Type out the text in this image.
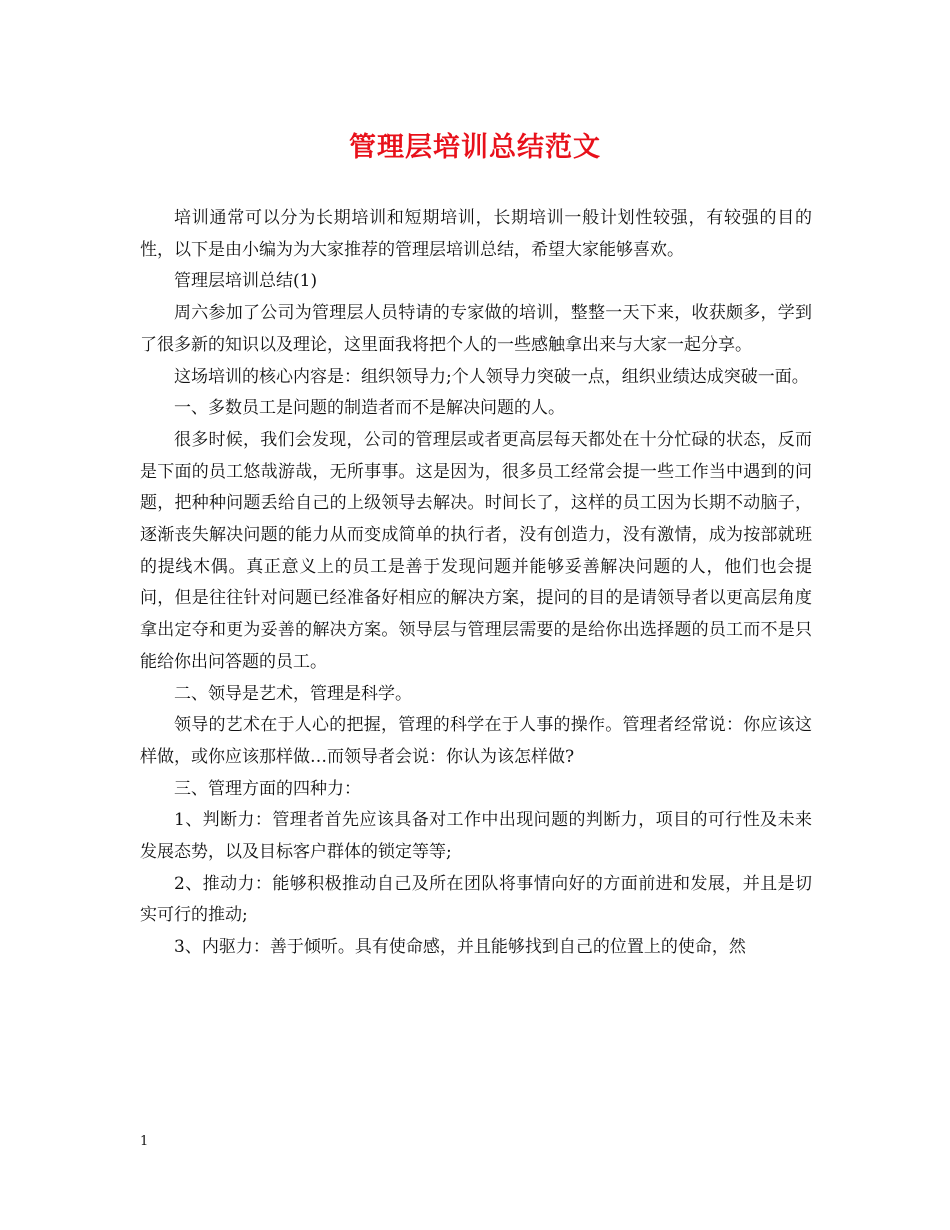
管理层培训总结范文

培训通常可以分为长期培训和短期培训，长期培训一般计划性较强，有较强的目的性，以下是由小编为为大家推荐的管理层培训总结，希望大家能够喜欢。

管理层培训总结(1)

周六参加了公司为管理层人员特请的专家做的培训，整整一天下来，收获颇多，学到了很多新的知识以及理论，这里面我将把个人的一些感触拿出来与大家一起分享。

这场培训的核心内容是：组织领导力;个人领导力突破一点，组织业绩达成突破一面。

一、多数员工是问题的制造者而不是解决问题的人。

很多时候，我们会发现，公司的管理层或者更高层每天都处在十分忙碌的状态，反而是下面的员工悠哉游哉，无所事事。这是因为，很多员工经常会提一些工作当中遇到的问题，把种种问题丢给自己的上级领导去解决。时间长了，这样的员工因为长期不动脑子，逐渐丧失解决问题的能力从而变成简单的执行者，没有创造力，没有激情，成为按部就班的提线木偶。真正意义上的员工是善于发现问题并能够妥善解决问题的人，他们也会提问，但是往往针对问题已经准备好相应的解决方案，提问的目的是请领导者以更高层角度拿出定夺和更为妥善的解决方案。领导层与管理层需要的是给你出选择题的员工而不是只能给你出问答题的员工。

二、领导是艺术，管理是科学。

领导的艺术在于人心的把握，管理的科学在于人事的操作。管理者经常说：你应该这样做，或你应该那样做…而领导者会说：你认为该怎样做?

三、管理方面的四种力：

1、判断力：管理者首先应该具备对工作中出现问题的判断力，项目的可行性及未来发展态势，以及目标客户群体的锁定等等;

2、推动力：能够积极推动自己及所在团队将事情向好的方面前进和发展，并且是切实可行的推动;

3、内驱力：善于倾听。具有使命感，并且能够找到自己的位置上的使命，然

1
